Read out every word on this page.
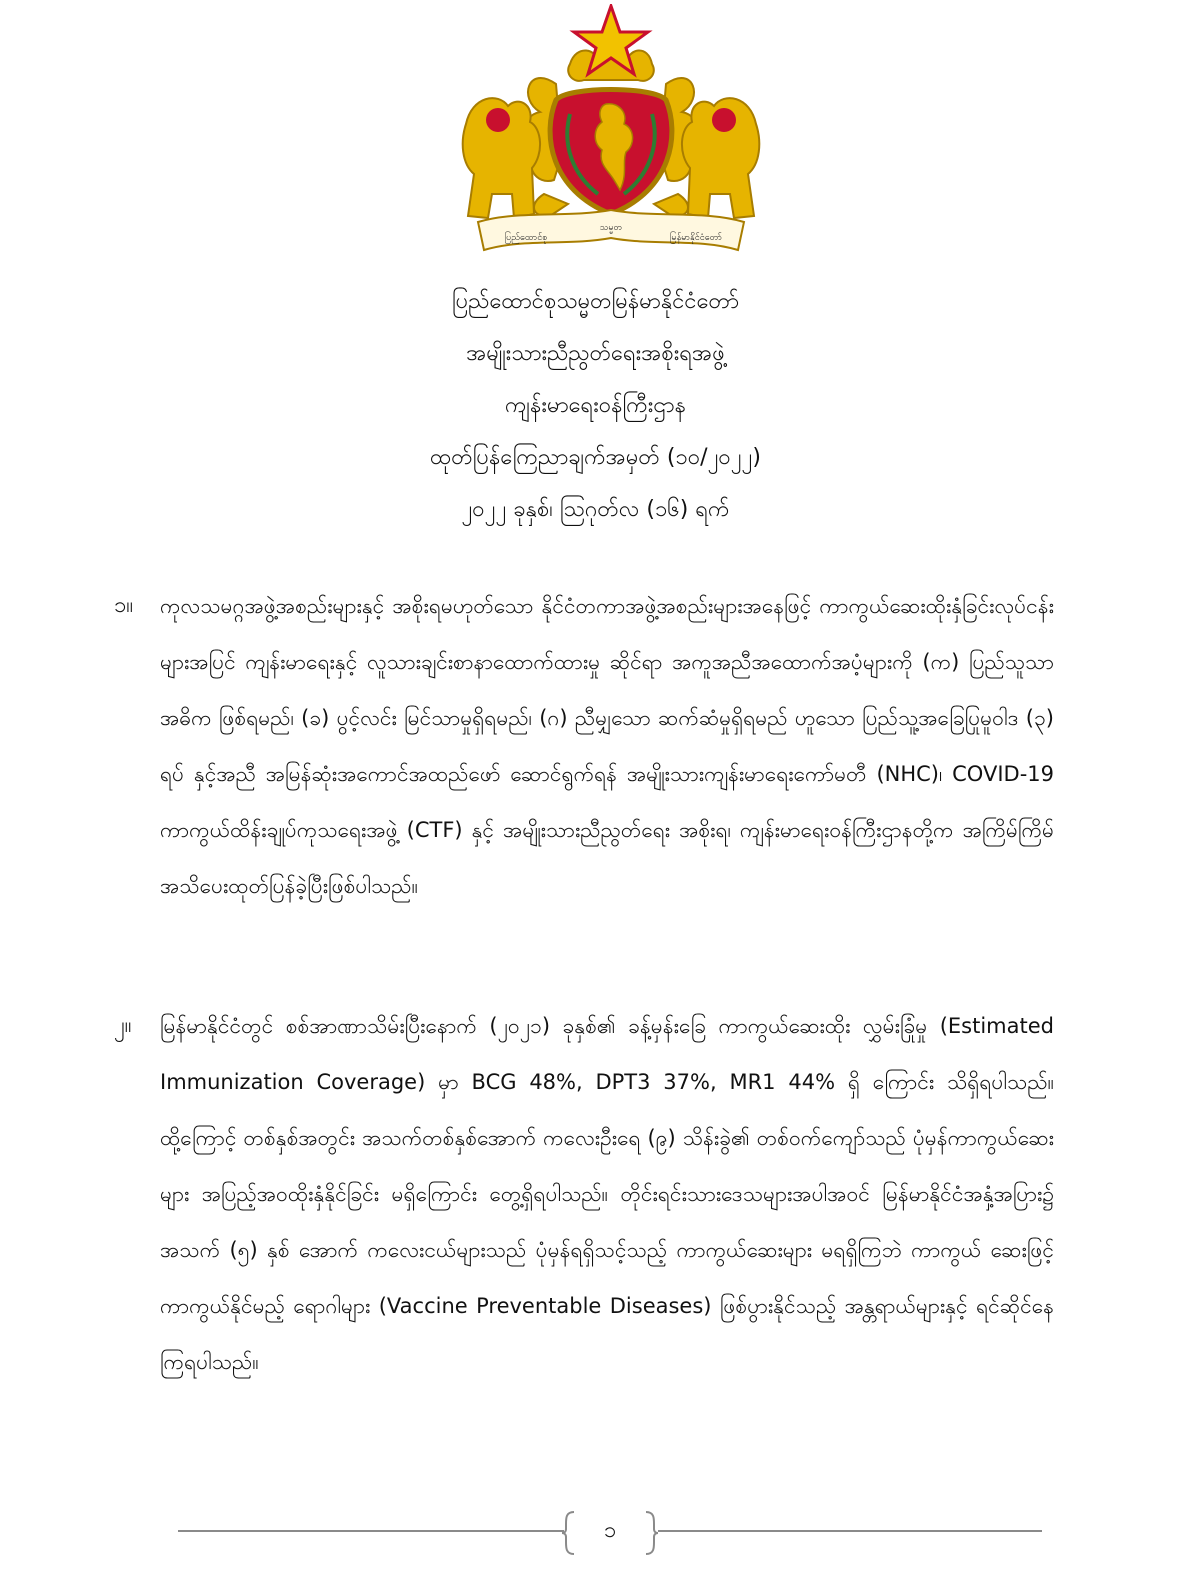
သမ္မတ
ပြည်ထောင်စု	မြန်မာနိုင်ငံတော်
ပြည်ထောင်စုသမ္မတမြန်မာနိုင်ငံတော်
အမျိုးသားညီညွတ်ရေးအစိုးရအဖွဲ့
ကျန်းမာရေးဝန်ကြီးဌာန
ထုတ်ပြန်ကြေညာချက်အမှတ် (၁၀/၂၀၂၂)
၂၀၂၂ ခုနှစ်၊ ဩဂုတ်လ (၁၆) ရက်
၁။ ကုလသမဂ္ဂအဖွဲ့အစည်းများနှင့် အစိုးရမဟုတ်သော နိုင်ငံတကာအဖွဲ့အစည်းများအနေဖြင့် ကာကွယ်ဆေးထိုးနှံခြင်းလုပ်ငန်းများအပြင် ကျန်းမာရေးနှင့် လူသားချင်းစာနာထောက်ထားမှု ဆိုင်ရာ အကူအညီအထောက်အပံ့များကို (က) ပြည်သူသာ အဓိက ဖြစ်ရမည်၊ (ခ) ပွင့်လင်း မြင်သာမှုရှိရမည်၊ (ဂ) ညီမျှသော ဆက်ဆံမှုရှိရမည် ဟူသော ပြည်သူ့အခြေပြုမူဝါဒ (၃) ရပ် နှင့်အညီ အမြန်ဆုံးအကောင်အထည်ဖော် ဆောင်ရွက်ရန် အမျိုးသားကျန်းမာရေးကော်မတီ (NHC)၊ COVID-19 ကာကွယ်ထိန်းချုပ်ကုသရေးအဖွဲ့ (CTF) နှင့် အမျိုးသားညီညွတ်ရေး အစိုးရ၊ ကျန်းမာရေးဝန်ကြီးဌာနတို့က အကြိမ်ကြိမ် အသိပေးထုတ်ပြန်ခဲ့ပြီးဖြစ်ပါသည်။
၂။ မြန်မာနိုင်ငံတွင် စစ်အာဏာသိမ်းပြီးနောက် (၂၀၂၁) ခုနှစ်၏ ခန့်မှန်းခြေ ကာကွယ်ဆေးထိုး လွှမ်းခြုံမှု (Estimated Immunization Coverage) မှာ BCG 48%, DPT3 37%, MR1 44% ရှိ ကြောင်း သိရှိရပါသည်။ ထို့ကြောင့် တစ်နှစ်အတွင်း အသက်တစ်နှစ်အောက် ကလေးဦးရေ (၉) သိန်းခွဲ၏ တစ်ဝက်ကျော်သည် ပုံမှန်ကာကွယ်ဆေးများ အပြည့်အဝထိုးနှံနိုင်ခြင်း မရှိကြောင်း တွေ့ရှိရပါသည်။ တိုင်းရင်းသားဒေသများအပါအဝင် မြန်မာနိုင်ငံအနှံ့အပြား၌ အသက် (၅) နှစ် အောက် ကလေးငယ်များသည် ပုံမှန်ရရှိသင့်သည့် ကာကွယ်ဆေးများ မရရှိကြဘဲ ကာကွယ် ဆေးဖြင့် ကာကွယ်နိုင်မည့် ရောဂါများ (Vaccine Preventable Diseases) ဖြစ်ပွားနိုင်သည့် အန္တရာယ်များနှင့် ရင်ဆိုင်နေကြရပါသည်။
၁
